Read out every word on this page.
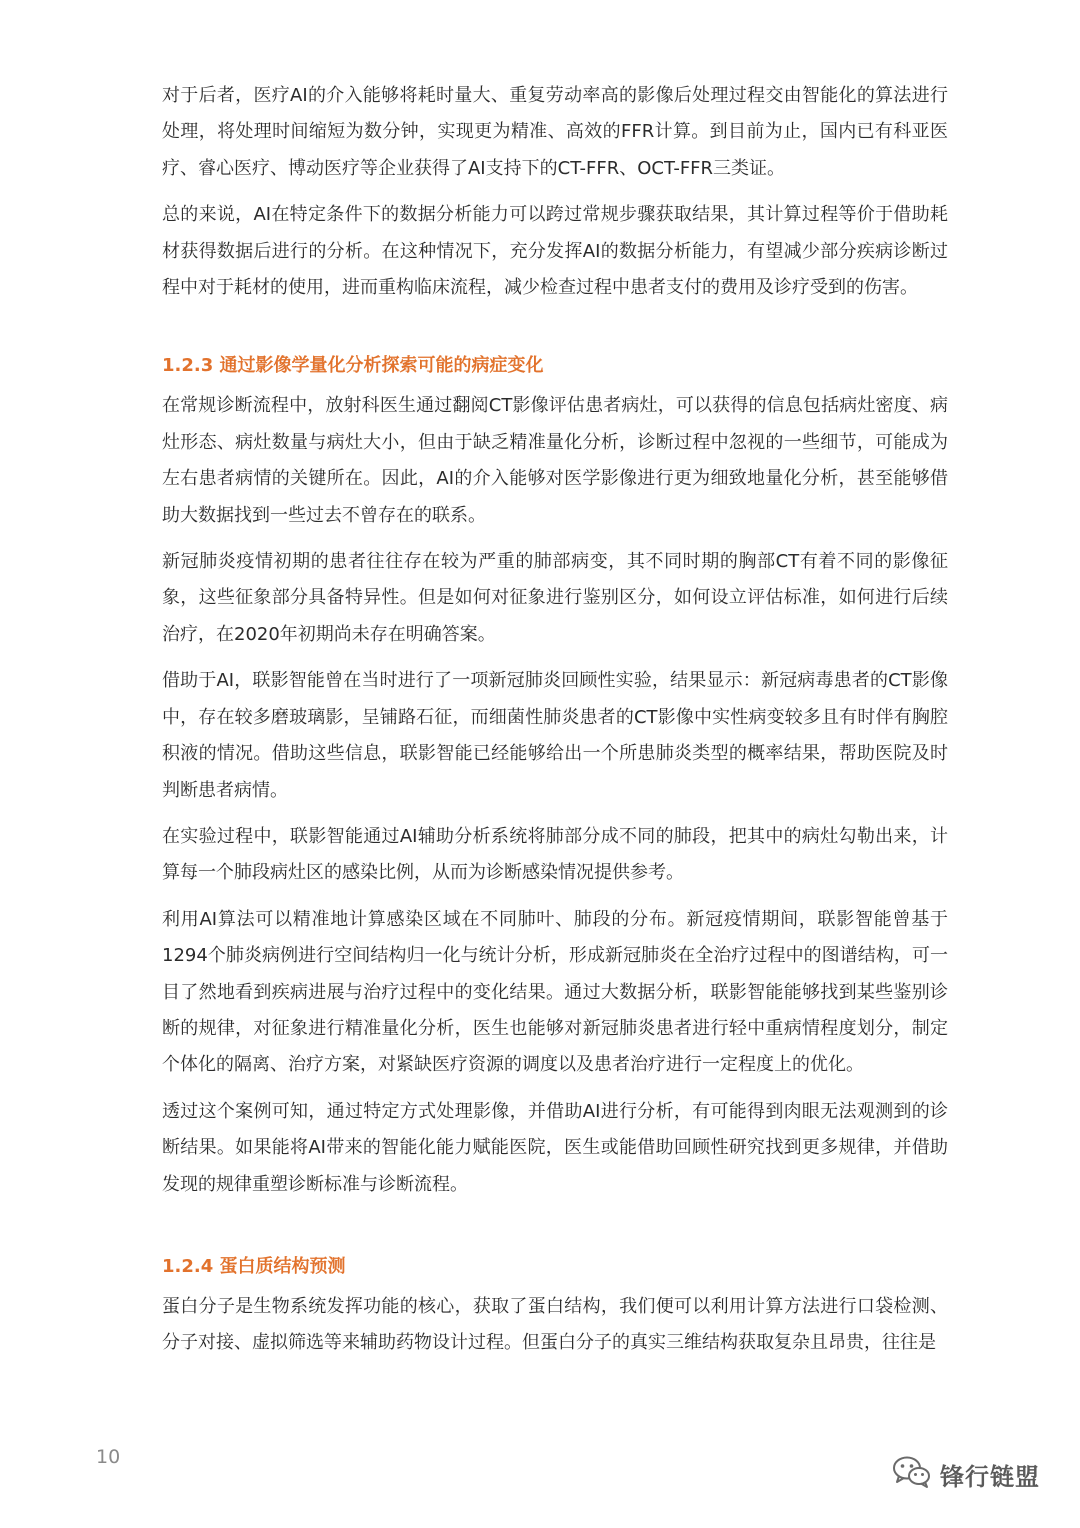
对于后者，医疗AI的介入能够将耗时量大、重复劳动率高的影像后处理过程交由智能化的算法进行处理，将处理时间缩短为数分钟，实现更为精准、高效的FFR计算。到目前为止，国内已有科亚医疗、睿心医疗、博动医疗等企业获得了AI支持下的CT-FFR、OCT-FFR三类证。

总的来说，AI在特定条件下的数据分析能力可以跨过常规步骤获取结果，其计算过程等价于借助耗材获得数据后进行的分析。在这种情况下，充分发挥AI的数据分析能力，有望减少部分疾病诊断过程中对于耗材的使用，进而重构临床流程，减少检查过程中患者支付的费用及诊疗受到的伤害。

1.2.3 通过影像学量化分析探索可能的病症变化

在常规诊断流程中，放射科医生通过翻阅CT影像评估患者病灶，可以获得的信息包括病灶密度、病灶形态、病灶数量与病灶大小，但由于缺乏精准量化分析，诊断过程中忽视的一些细节，可能成为左右患者病情的关键所在。因此，AI的介入能够对医学影像进行更为细致地量化分析，甚至能够借助大数据找到一些过去不曾存在的联系。

新冠肺炎疫情初期的患者往往存在较为严重的肺部病变，其不同时期的胸部CT有着不同的影像征象，这些征象部分具备特异性。但是如何对征象进行鉴别区分，如何设立评估标准，如何进行后续治疗，在2020年初期尚未存在明确答案。

借助于AI，联影智能曾在当时进行了一项新冠肺炎回顾性实验，结果显示：新冠病毒患者的CT影像中，存在较多磨玻璃影，呈铺路石征，而细菌性肺炎患者的CT影像中实性病变较多且有时伴有胸腔积液的情况。借助这些信息，联影智能已经能够给出一个所患肺炎类型的概率结果，帮助医院及时判断患者病情。

在实验过程中，联影智能通过AI辅助分析系统将肺部分成不同的肺段，把其中的病灶勾勒出来，计算每一个肺段病灶区的感染比例，从而为诊断感染情况提供参考。

利用AI算法可以精准地计算感染区域在不同肺叶、肺段的分布。新冠疫情期间，联影智能曾基于1294个肺炎病例进行空间结构归一化与统计分析，形成新冠肺炎在全治疗过程中的图谱结构，可一目了然地看到疾病进展与治疗过程中的变化结果。通过大数据分析，联影智能能够找到某些鉴别诊断的规律，对征象进行精准量化分析，医生也能够对新冠肺炎患者进行轻中重病情程度划分，制定个体化的隔离、治疗方案，对紧缺医疗资源的调度以及患者治疗进行一定程度上的优化。

透过这个案例可知，通过特定方式处理影像，并借助AI进行分析，有可能得到肉眼无法观测到的诊断结果。如果能将AI带来的智能化能力赋能医院，医生或能借助回顾性研究找到更多规律，并借助发现的规律重塑诊断标准与诊断流程。

1.2.4 蛋白质结构预测

蛋白分子是生物系统发挥功能的核心，获取了蛋白结构，我们便可以利用计算方法进行口袋检测、分子对接、虚拟筛选等来辅助药物设计过程。但蛋白分子的真实三维结构获取复杂且昂贵，往往是

10
锋行链盟
